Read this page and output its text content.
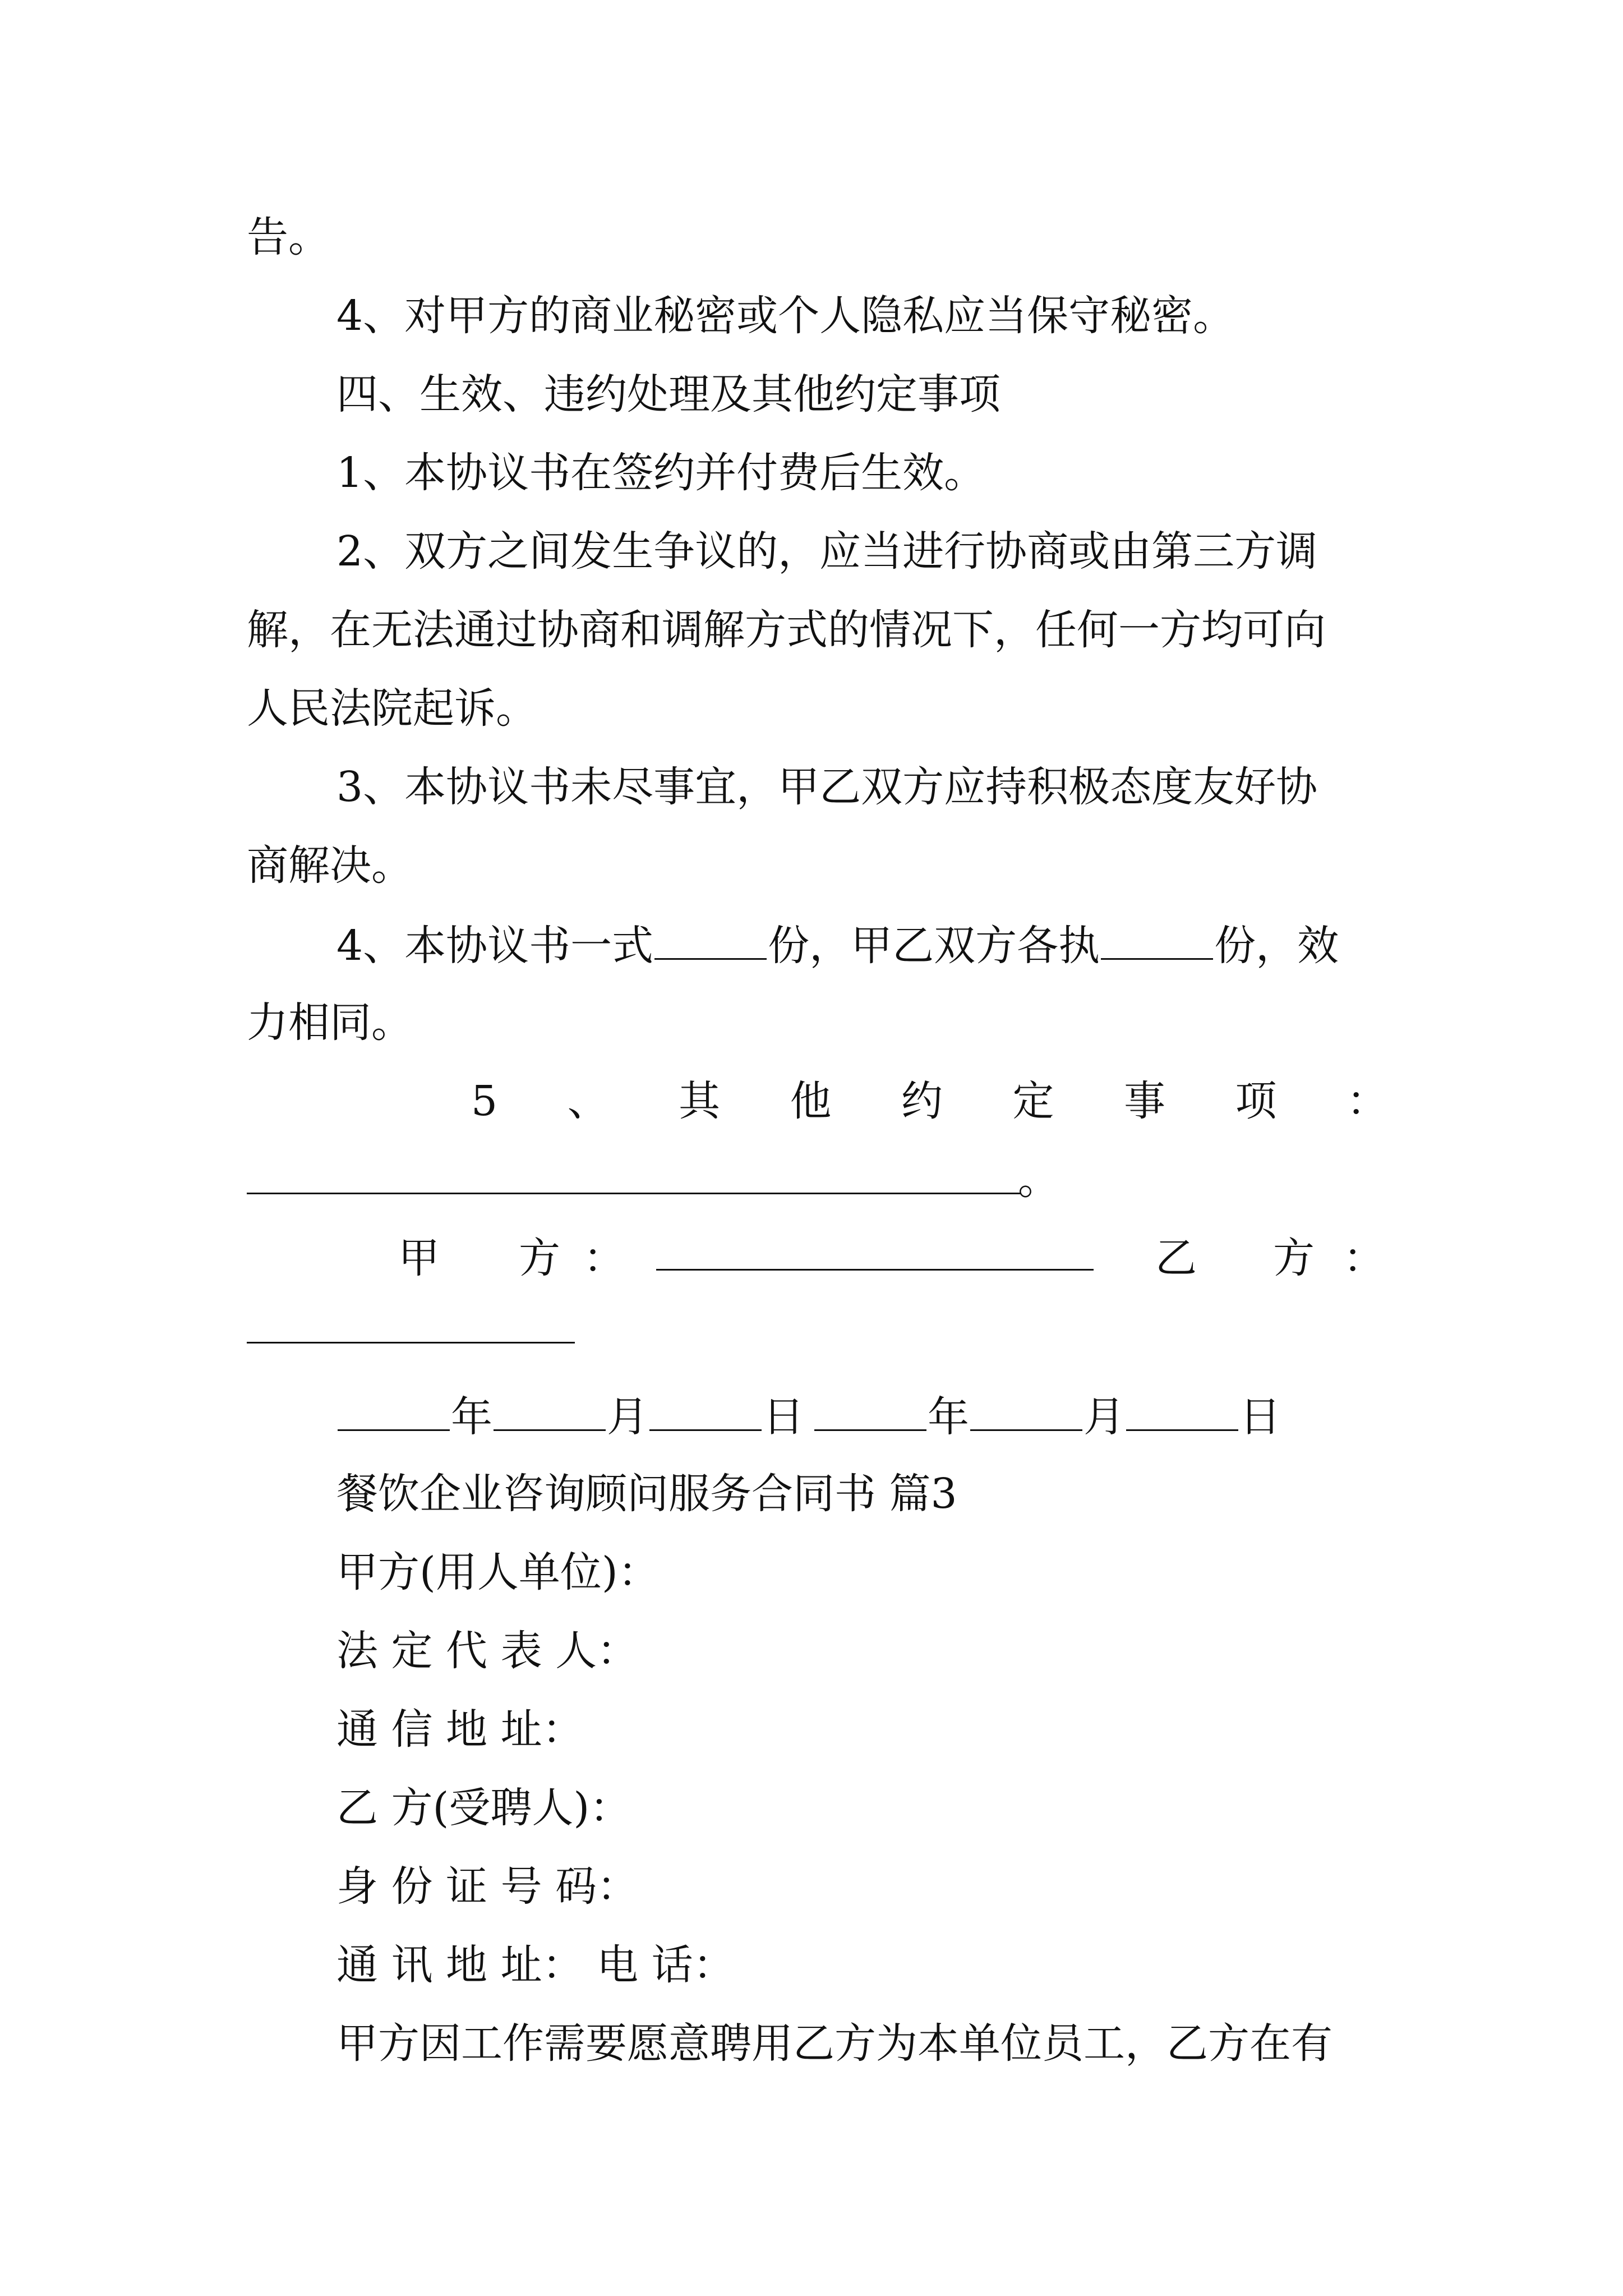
告。
4、对甲方的商业秘密或个人隐私应当保守秘密。
四、生效、违约处理及其他约定事项
1、本协议书在签约并付费后生效。
2、双方之间发生争议的，应当进行协商或由第三方调
解，在无法通过协商和调解方式的情况下，任何一方均可向
人民法院起诉。
3、本协议书未尽事宜，甲乙双方应持积极态度友好协
商解决。
4、本协议书一式	份，甲乙双方各执	份，效
力相同。
5 、 其 他 约 定 事 项 ：
。
甲 方 ：	乙 方 ：
年	月	日	年	月	日
餐饮企业咨询顾问服务合同书 篇3
甲方(用人单位)：
法 定 代 表 人：
通 信 地 址：
乙 方(受聘人)：
身 份 证 号 码：
通 讯 地 址： 电 话：
甲方因工作需要愿意聘用乙方为本单位员工，乙方在有
